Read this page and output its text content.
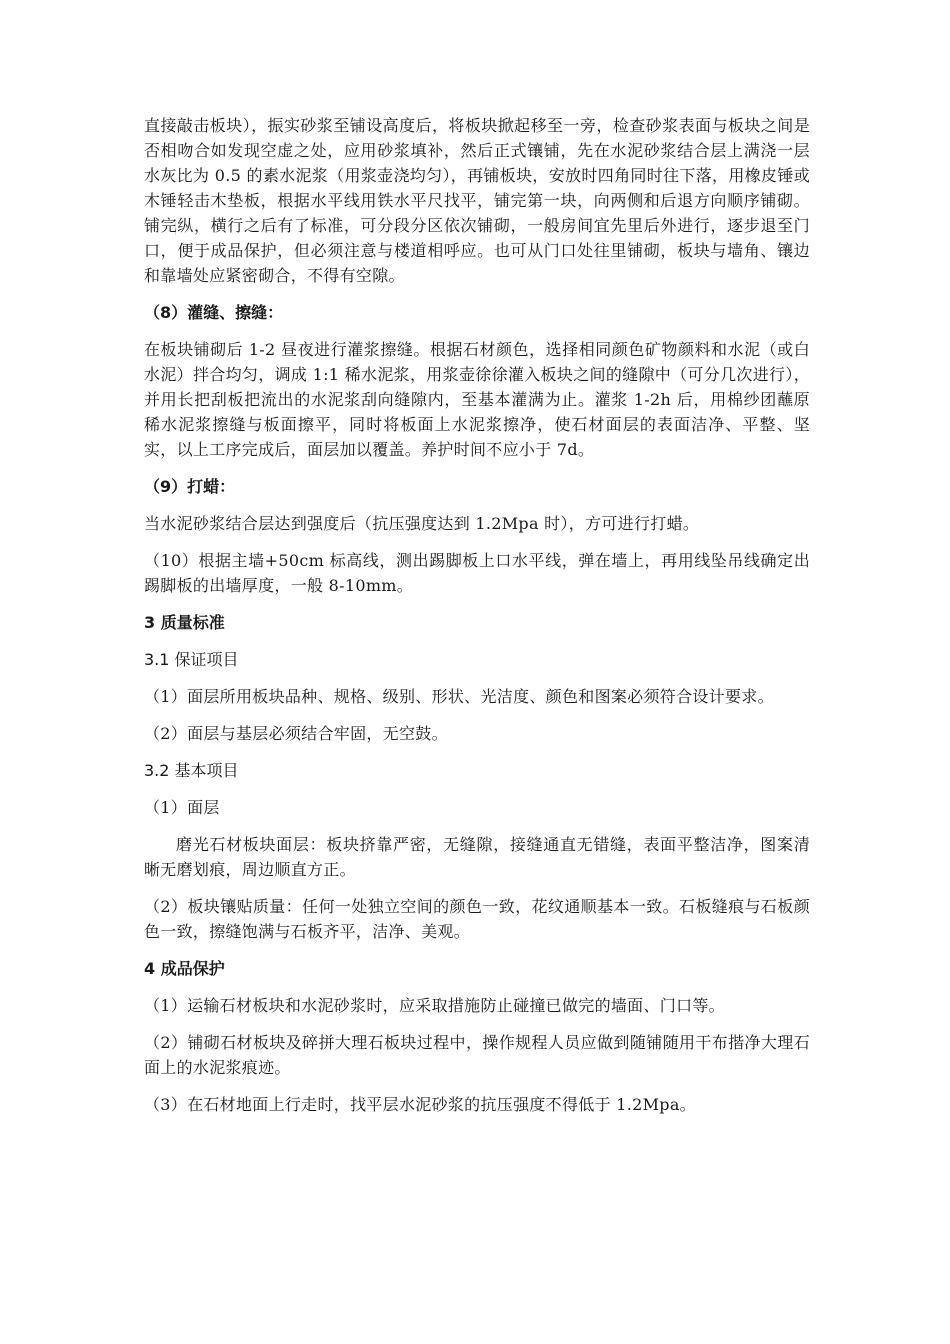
直接敲击板块），振实砂浆至铺设高度后，将板块掀起移至一旁，检查砂浆表面与板块之间是否相吻合如发现空虚之处，应用砂浆填补，然后正式镶铺，先在水泥砂浆结合层上满浇一层水灰比为 0.5 的素水泥浆（用浆壶浇均匀），再铺板块，安放时四角同时往下落，用橡皮锤或木锤轻击木垫板，根据水平线用铁水平尺找平，铺完第一块，向两侧和后退方向顺序铺砌。铺完纵，横行之后有了标准，可分段分区依次铺砌，一般房间宜先里后外进行，逐步退至门口，便于成品保护，但必须注意与楼道相呼应。也可从门口处往里铺砌，板块与墙角、镶边和靠墙处应紧密砌合，不得有空隙。

（8）灌缝、擦缝：

在板块铺砌后 1-2 昼夜进行灌浆擦缝。根据石材颜色，选择相同颜色矿物颜料和水泥（或白水泥）拌合均匀，调成 1:1 稀水泥浆，用浆壶徐徐灌入板块之间的缝隙中（可分几次进行），并用长把刮板把流出的水泥浆刮向缝隙内，至基本灌满为止。灌浆 1-2h 后，用棉纱团蘸原稀水泥浆擦缝与板面擦平，同时将板面上水泥浆擦净，使石材面层的表面洁净、平整、坚实，以上工序完成后，面层加以覆盖。养护时间不应小于 7d。

（9）打蜡：

当水泥砂浆结合层达到强度后（抗压强度达到 1.2Mpa 时），方可进行打蜡。

（10）根据主墙+50cm 标高线，测出踢脚板上口水平线，弹在墙上，再用线坠吊线确定出踢脚板的出墙厚度，一般 8-10mm。

3 质量标准

3.1 保证项目

（1）面层所用板块品种、规格、级别、形状、光洁度、颜色和图案必须符合设计要求。

（2）面层与基层必须结合牢固，无空鼓。

3.2 基本项目

（1）面层

磨光石材板块面层：板块挤靠严密，无缝隙，接缝通直无错缝，表面平整洁净，图案清晰无磨划痕，周边顺直方正。

（2）板块镶贴质量：任何一处独立空间的颜色一致，花纹通顺基本一致。石板缝痕与石板颜色一致，擦缝饱满与石板齐平，洁净、美观。

4 成品保护

（1）运输石材板块和水泥砂浆时，应采取措施防止碰撞已做完的墙面、门口等。

（2）铺砌石材板块及碎拼大理石板块过程中，操作规程人员应做到随铺随用干布揩净大理石面上的水泥浆痕迹。

（3）在石材地面上行走时，找平层水泥砂浆的抗压强度不得低于 1.2Mpa。
